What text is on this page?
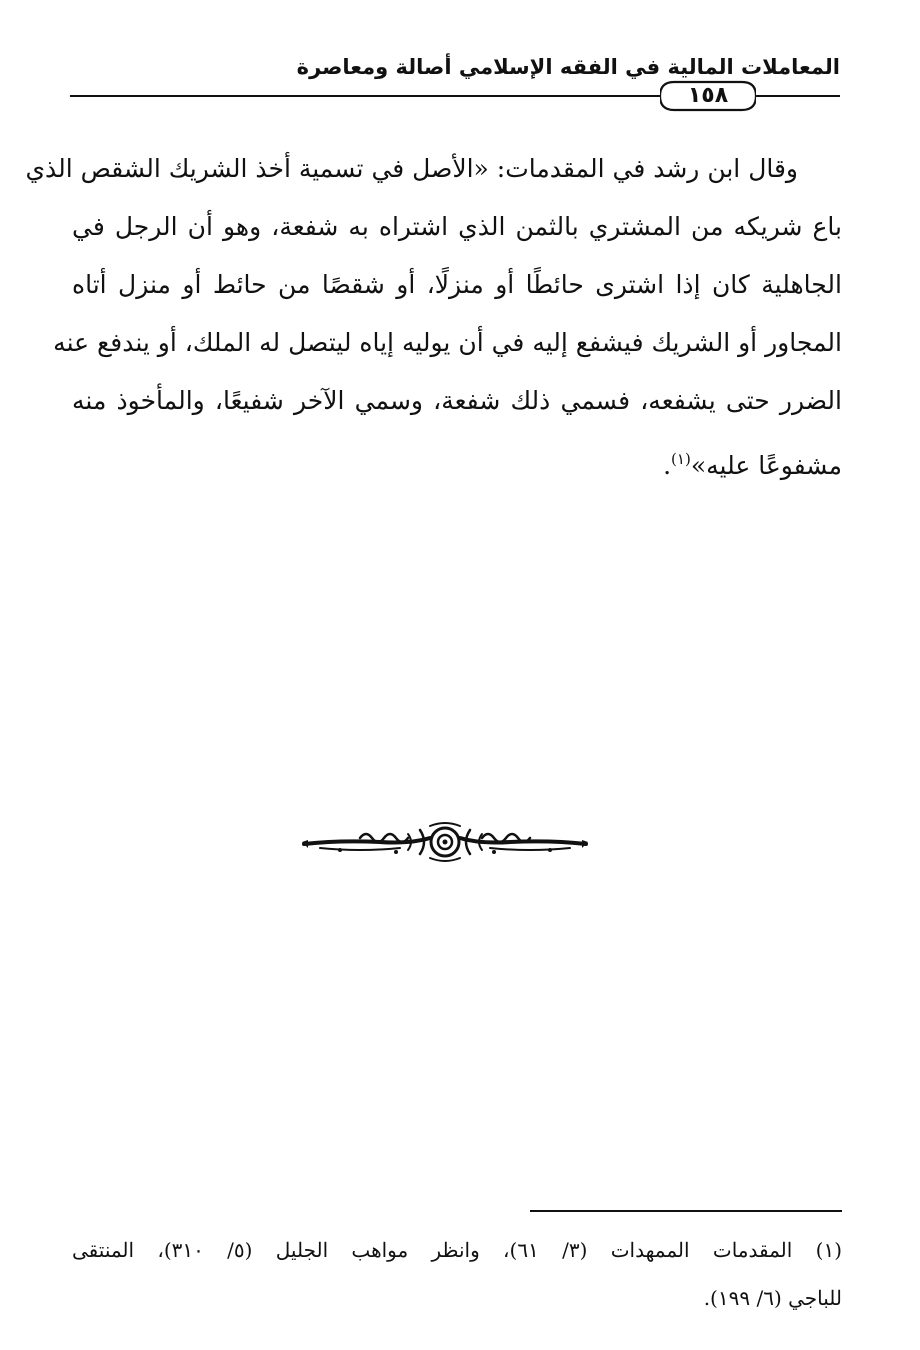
المعاملات المالية في الفقه الإسلامي أصالة ومعاصرة
١٥٨
وقال ابن رشد في المقدمات: «الأصل في تسمية أخذ الشريك الشقص الذي
باع شريكه من المشتري بالثمن الذي اشتراه به شفعة، وهو أن الرجل في
الجاهلية كان إذا اشترى حائطًا أو منزلًا، أو شقصًا من حائط أو منزل أتاه
المجاور أو الشريك فيشفع إليه في أن يوليه إياه ليتصل له الملك، أو يندفع عنه
الضرر حتى يشفعه، فسمي ذلك شفعة، وسمي الآخر شفيعًا، والمأخوذ منه
مشفوعًا عليه»$^{(١)}$.
(١) المقدمات الممهدات (٣/ ٦١)، وانظر مواهب الجليل (٥/ ٣١٠)، المنتقى
للباجي (٦/ ١٩٩).
